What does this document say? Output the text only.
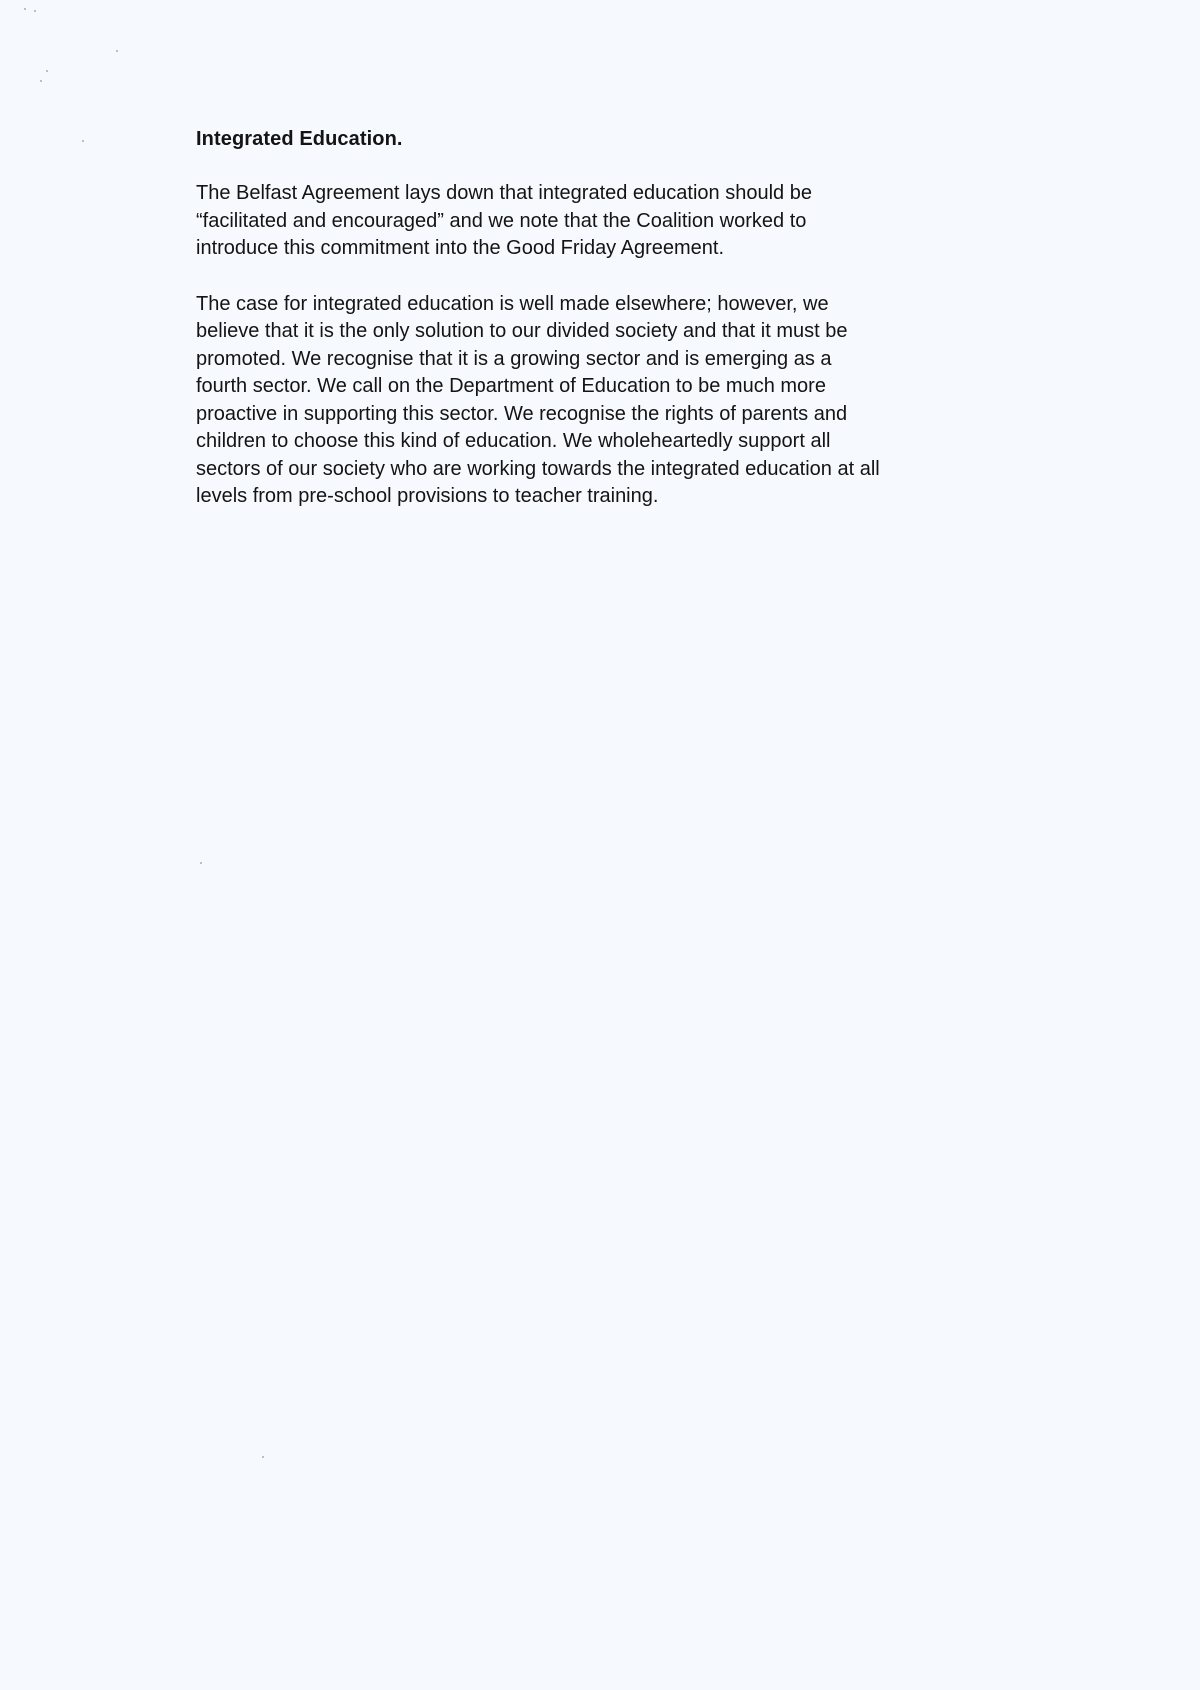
Integrated Education.
The Belfast Agreement lays down that integrated education should be
“facilitated and encouraged” and we note that the Coalition worked to
introduce this commitment into the Good Friday Agreement.
The case for integrated education is well made elsewhere; however, we
believe that it is the only solution to our divided society and that it must be
promoted. We recognise that it is a growing sector and is emerging as a
fourth sector. We call on the Department of Education to be much more
proactive in supporting this sector. We recognise the rights of parents and
children to choose this kind of education. We wholeheartedly support all
sectors of our society who are working towards the integrated education at all
levels from pre-school provisions to teacher training.
